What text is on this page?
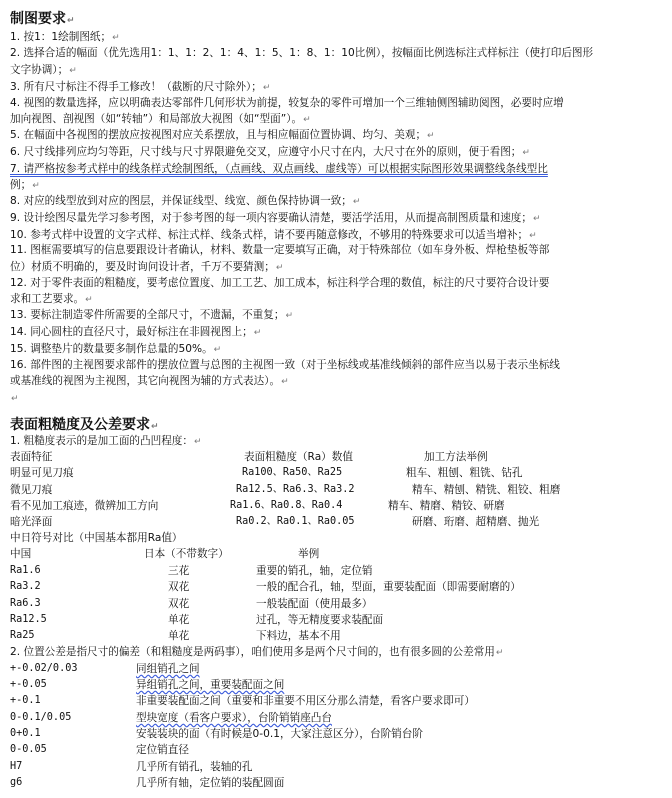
制图要求↵
1. 按1：1绘制图纸；↵
2. 选择合适的幅面（优先选用1：1、1：2、1：4、1：5、1：8、1：10比例），按幅面比例选标注式样标注（使打印后图形
文字协调）；↵
3. 所有尺寸标注不得手工修改！（截断的尺寸除外）；↵
4. 视图的数量选择，应以明确表达零部件几何形状为前提，较复杂的零件可增加一个三维轴侧图辅助阅图，必要时应增
加向视图、剖视图（如“转轴”）和局部放大视图（如“型面”）。↵
5. 在幅面中各视图的摆放应按视图对应关系摆放，且与相应幅面位置协调、均匀、美观；↵
6. 尺寸线排列应均匀等距，尺寸线与尺寸界限避免交叉，应遵守小尺寸在内，大尺寸在外的原则，便于看图；↵
7. 请严格按参考式样中的线条样式绘制图纸，（点画线、双点画线、虚线等）可以根据实际图形效果调整线条线型比
例；↵
8. 对应的线型放到对应的图层，并保证线型、线宽、颜色保持协调一致；↵
9. 设计绘图尽量先学习参考图，对于参考图的每一项内容要确认清楚，要活学活用，从而提高制图质量和速度；↵
10. 参考式样中设置的文字式样、标注式样、线条式样，请不要再随意修改，不够用的特殊要求可以适当增补；↵
11. 图框需要填写的信息要跟设计者确认，材料、数量一定要填写正确，对于特殊部位（如车身外板、焊枪垫板等部
位）材质不明确的，要及时询问设计者，千万不要猜测；↵
12. 对于零件表面的粗糙度，要考虑位置度、加工工艺、加工成本，标注科学合理的数值，标注的尺寸要符合设计要
求和工艺要求。↵
13. 要标注制造零件所需要的全部尺寸，不遗漏，不重复；↵
14. 同心圆柱的直径尺寸，最好标注在非圆视图上；↵
15. 调整垫片的数量要多制作总量的50%。↵
16. 部件图的主视图要求部件的摆放位置与总图的主视图一致（对于坐标线或基准线倾斜的部件应当以易于表示坐标线
或基准线的视图为主视图，其它向视图为辅的方式表达）。↵
↵
表面粗糙度及公差要求↵
1. 粗糙度表示的是加工面的凸凹程度：↵
表面特征	表面粗糙度（Ra）数值	加工方法举例
明显可见刀痕	Ra100、Ra50、Ra25	粗车、粗刨、粗铣、钻孔
微见刀痕	Ra12.5、Ra6.3、Ra3.2	精车、精刨、精铣、粗铰、粗磨
看不见加工痕迹，微辨加工方向	Ra1.6、Ra0.8、Ra0.4	精车、精磨、精铰、研磨
暗光泽面	Ra0.2、Ra0.1、Ra0.05	研磨、珩磨、超精磨、抛光
中日符号对比（中国基本都用Ra值）
中国	日本（不带数字）	举例
Ra1.6	三花	重要的销孔，轴，定位销
Ra3.2	双花	一般的配合孔，轴，型面，重要装配面（即需要耐磨的）
Ra6.3	双花	一般装配面（使用最多）
Ra12.5	单花	过孔，等无精度要求装配面
Ra25	单花	下料边，基本不用
2. 位置公差是指尺寸的偏差（和粗糙度是两码事），咱们使用多是两个尺寸间的，也有很多圆的公差常用↵
+-0.02/0.03	同组销孔之间
+-0.05	异组销孔之间，重要装配面之间
+-0.1	非重要装配面之间（重要和非重要不用区分那么清楚，看客户要求即可）
0-0.1/0.05	型块宽度（看客户要求），台阶销销座凸台
0+0.1	安装装块的面（有时候是0-0.1，大家注意区分），台阶销台阶
0-0.05	定位销直径
H7	几乎所有销孔，装轴的孔
g6	几乎所有轴，定位销的装配圆面
